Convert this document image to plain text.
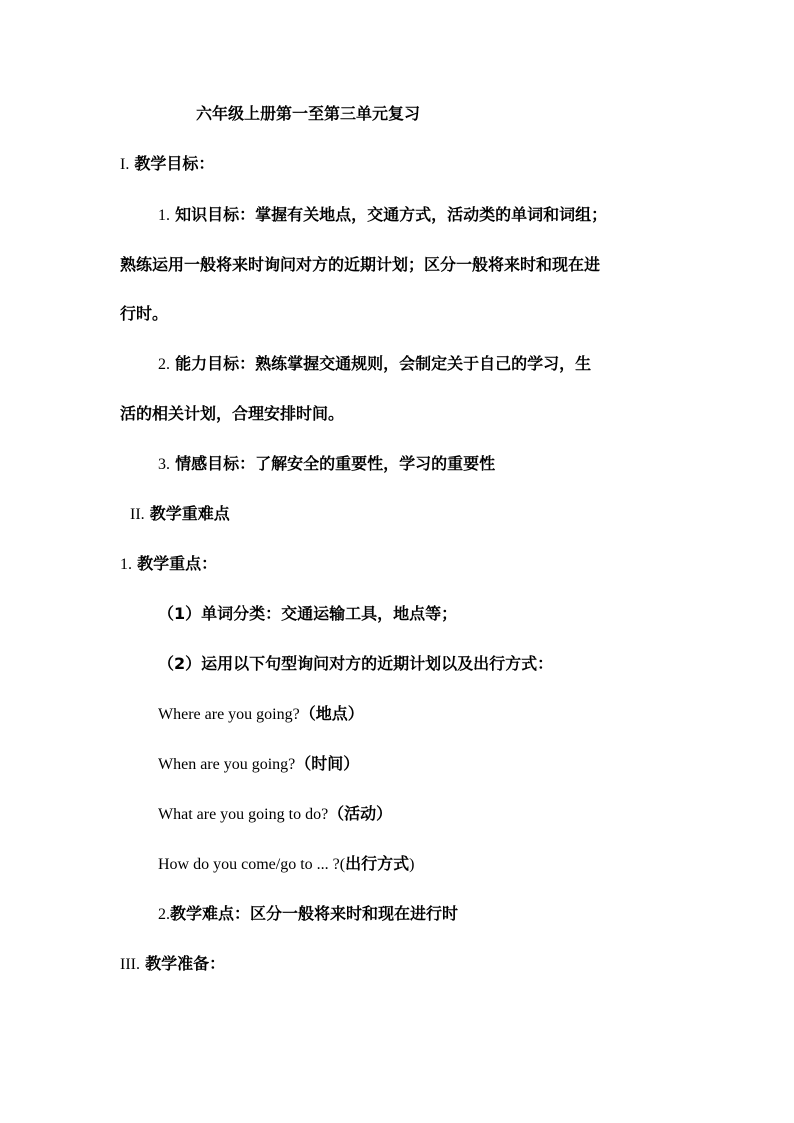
六年级上册第一至第三单元复习
I. 教学目标：
1. 知识目标：掌握有关地点，交通方式，活动类的单词和词组；
熟练运用一般将来时询问对方的近期计划；区分一般将来时和现在进
行时。
2. 能力目标：熟练掌握交通规则，会制定关于自己的学习，生
活的相关计划，合理安排时间。
3. 情感目标：了解安全的重要性，学习的重要性
II. 教学重难点
1. 教学重点：
（1）单词分类：交通运输工具，地点等；
（2）运用以下句型询问对方的近期计划以及出行方式：
Where are you going?（地点）
When are you going?（时间）
What are you going to do?（活动）
How do you come/go to ... ?(出行方式)
2.教学难点：区分一般将来时和现在进行时
III. 教学准备：
